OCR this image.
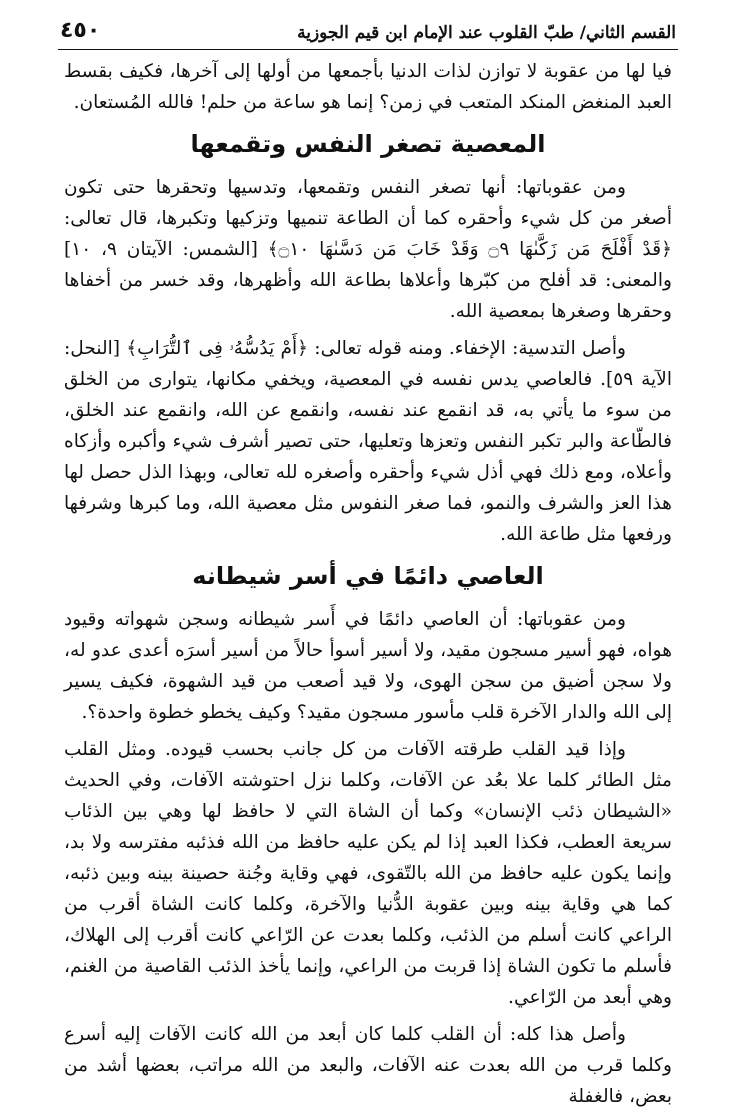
القسم الثاني/ طبّ القلوب عند الإمام ابن قيم الجوزية
٤٥٠

فيا لها من عقوبة لا توازن لذات الدنيا بأجمعها من أولها إلى آخرها، فكيف بقسط العبد المنغض المنكد المتعب في زمن؟ إنما هو ساعة من حلم! فالله المُستعان.

المعصية تصغر النفس وتقمعها

ومن عقوباتها: أنها تصغر النفس وتقمعها، وتدسيها وتحقرها حتى تكون أصغر من كل شيء وأحقره كما أن الطاعة تنميها وتزكيها وتكبرها، قال تعالى: ﴿قَدْ أَفْلَحَ مَن زَكَّىٰهَا ۝٩ وَقَدْ خَابَ مَن دَسَّىٰهَا ۝١٠﴾ [الشمس: الآيتان ٩، ١٠] والمعنى: قد أفلح من كبّرها وأعلاها بطاعة الله وأظهرها، وقد خسر من أخفاها وحقرها وصغرها بمعصية الله.

وأصل التدسية: الإخفاء. ومنه قوله تعالى: ﴿أَمْ يَدُسُّهُۥ فِى ٱلتُّرَابِ﴾ [النحل: الآية ٥٩]. فالعاصي يدس نفسه في المعصية، ويخفي مكانها، يتوارى من الخلق من سوء ما يأتي به، قد انقمع عند نفسه، وانقمع عن الله، وانقمع عند الخلق، فالطّاعة والبر تكبر النفس وتعزها وتعليها، حتى تصير أشرف شيء وأكبره وأزكاه وأعلاه، ومع ذلك فهي أذل شيء وأحقره وأصغره لله تعالى، وبهذا الذل حصل لها هذا العز والشرف والنمو، فما صغر النفوس مثل معصية الله، وما كبرها وشرفها ورفعها مثل طاعة الله.

العاصي دائمًا في أسر شيطانه

ومن عقوباتها: أن العاصي دائمًا في أَسر شيطانه وسجن شهواته وقيود هواه، فهو أسير مسجون مقيد، ولا أسير أسوأ حالاً من أسير أسرَه أعدى عدو له، ولا سجن أضيق من سجن الهوى، ولا قيد أصعب من قيد الشهوة، فكيف يسير إلى الله والدار الآخرة قلب مأسور مسجون مقيد؟ وكيف يخطو خطوة واحدة؟.

وإذا قيد القلب طرقته الآفات من كل جانب بحسب قيوده. ومثل القلب مثل الطائر كلما علا بعُد عن الآفات، وكلما نزل احتوشته الآفات، وفي الحديث «الشيطان ذئب الإنسان» وكما أن الشاة التي لا حافظ لها وهي بين الذئاب سريعة العطب، فكذا العبد إذا لم يكن عليه حافظ من الله فذئبه مفترسه ولا بد، وإنما يكون عليه حافظ من الله بالتّقوى، فهي وقاية وجُنة حصينة بينه وبين ذئبه، كما هي وقاية بينه وبين عقوبة الدُّنيا والآخرة، وكلما كانت الشاة أقرب من الراعي كانت أسلم من الذئب، وكلما بعدت عن الرّاعي كانت أقرب إلى الهلاك، فأسلم ما تكون الشاة إذا قربت من الراعي، وإنما يأخذ الذئب القاصية من الغنم، وهي أبعد من الرّاعي.

وأصل هذا كله: أن القلب كلما كان أبعد من الله كانت الآفات إليه أسرع وكلما قرب من الله بعدت عنه الآفات، والبعد من الله مراتب، بعضها أشد من بعض، فالغفلة
